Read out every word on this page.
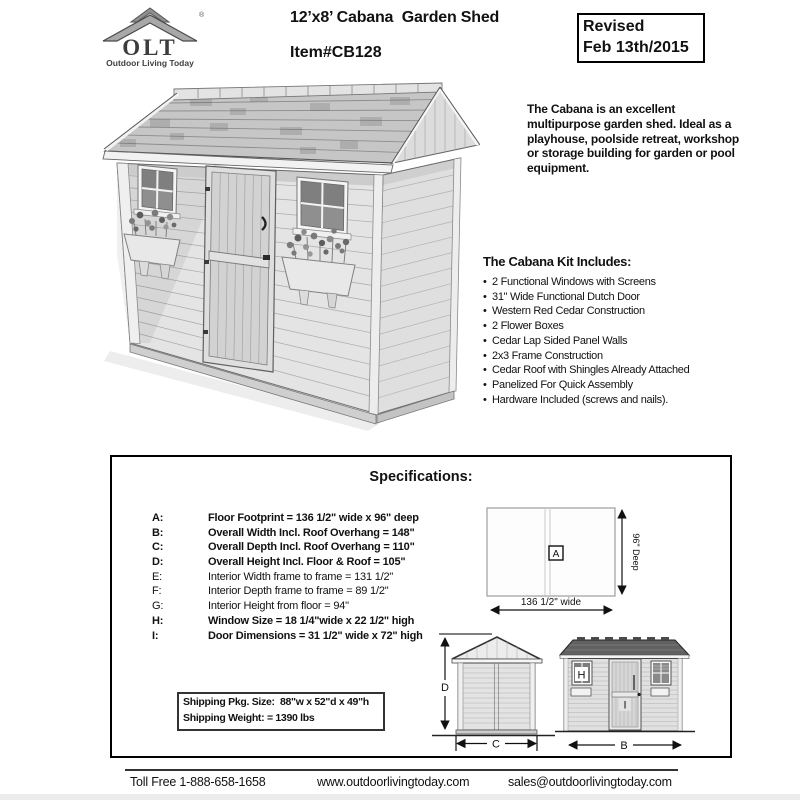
OLT
®
Outdoor Living Today
12’x8’ Cabana  Garden Shed
Item#CB128
Revised
Feb 13th/2015
The Cabana is an excellent multipurpose garden shed. Ideal as a playhouse, poolside retreat, workshop or storage building for garden or pool equipment.
The Cabana Kit Includes:
• 2 Functional Windows with Screens
• 31" Wide Functional Dutch Door
• Western Red Cedar Construction
• 2 Flower Boxes
• Cedar Lap Sided Panel Walls
• 2x3 Frame Construction
• Cedar Roof with Shingles Already Attached
• Panelized For Quick Assembly
• Hardware Included (screws and nails).
Specifications:
A:	Floor Footprint = 136 1/2" wide x 96" deep
B:	Overall Width Incl. Roof Overhang = 148"
C:	Overall Depth Incl. Roof Overhang = 110"
D:	Overall Height Incl. Floor & Roof = 105"
E:	Interior Width frame to frame = 131 1/2"
F:	Interior Depth frame to frame = 89 1/2"
G:	Interior Height from floor = 94"
H:	Window Size = 18 1/4"wide x 22 1/2" high
I:	Door Dimensions = 31 1/2" wide x 72" high
Shipping Pkg. Size:  88"w x 52"d x 49"h
Shipping Weight: = 1390 lbs
A	96" Deep
136 1/2" wide
D
C
H
I
B
Toll Free 1-888-658-1658	www.outdoorlivingtoday.com	sales@outdoorlivingtoday.com
